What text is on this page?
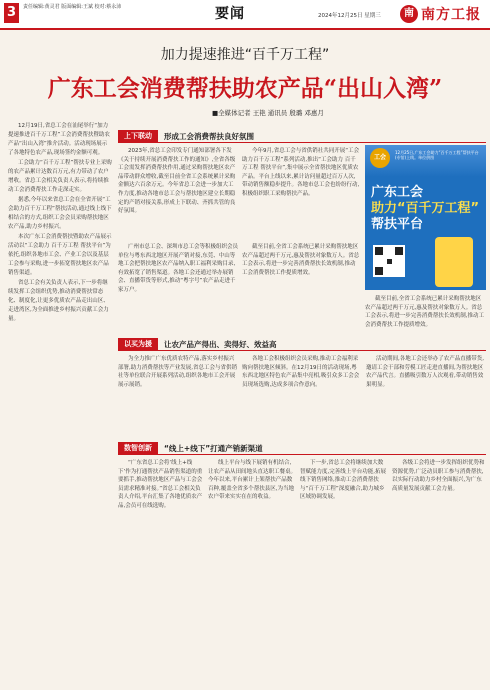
3	责任编辑:黄灵君 版面编辑:王斌 校对:蔡永沛	要闻	2024年12月25日 星期三	南 南方工报
加力提速推进“百千万工程”
广东工会消费帮扶助农产品“出山入湾”
■全媒体记者 王艳 通讯员 殷璐 邓惠月

12月19日,省总工会在汕尾举行“加力提速推进百千万工程”工会消费帮扶暨助农产品“出山入湾”推介活动。活动现场展示了各地特色农产品,现场签约金额可观。

工会助力“百千万工程”帮扶专业上采购的农产品累计达数百万元,有力带动了农户增收。省总工会相关负责人表示,将持续推动工会消费帮扶工作走深走实。

据悉,今年以来省总工会在全省开展“工会助力百千万工程”帮扶活动,通过线上线下相结合的方式,组织工会会员采购帮扶地区农产品,助力乡村振兴。

本次广东工会消费帮扶暨助农产品展示活动以“工会助力 百千万工程 帮扶平台”为依托,组织各地市工会、产业工会以及基层工会参与采购,进一步拓宽帮扶地区农产品销售渠道。

省总工会有关负责人表示,下一步将继续发挥工会组织优势,推动消费帮扶常态化、制度化,让更多优质农产品走出山区、走进湾区,为全面推进乡村振兴贡献工会力量。

上下联动	形成工会消费帮扶良好氛围

2023年,省总工会印发专门通知部署各下发《关于持续开展消费帮扶工作的通知》,全省各级工会需发挥消费帮扶作用,通过采购帮扶地区农产品带动群众增收,截至目前全省工会系统累计采购金额达六百余万元。今年省总工会进一步加大工作力度,推动各地市总工会与帮扶地区建立长期稳定的产销对接关系,形成上下联动、齐抓共管的良好氛围。

今年9月,省总工会与省供销社共同开展“工会助力百千万工程”系列活动,推出“工会助力 百千万工程 帮扶平台”,集中展示全省帮扶地区优质农产品。平台上线以来,累计访问量超过百万人次,带动销售额稳步提升。各地市总工会也纷纷行动,积极组织职工采购帮扶产品。

广州市总工会、深圳市总工会等积极组织会员单位与粤东西北地区开展产销对接,东莞、中山等地工会把帮扶地区农产品纳入职工福利采购目录,有效拓宽了销售渠道。各地工会还通过举办展销会、直播带货等形式,推动“粤字号”农产品走进千家万户。

截至目前,全省工会系统已累计采购帮扶地区农产品超过两千万元,惠及帮扶对象数万人。省总工会表示,将进一步完善消费帮扶长效机制,推动工会消费帮扶工作提质增效。

截至目前,全省工会系统已累计采购帮扶地区农产品超过两千万元,惠及帮扶对象数万人。省总工会表示,将进一步完善消费帮扶长效机制,推动工会消费帮扶工作提质增效。

工会
12月25日,广东工会助力“百千万工程”帮扶平台(专馆)上线。单位供图
广东工会
助力“百千万工程”
帮扶平台
以买为援	让农产品产得出、卖得好、效益高

为全力推广广东优质农特产品,落实乡村振兴部署,助力消费帮扶等产业发展,省总工会与省供销社等单位联合开展系列活动,组织各地市工会开展展示展销。

各地工会积极组织会员采购,推动工会福利采购向帮扶地区倾斜。在12月19日的活动现场,粤东西北地区特色农产品集中亮相,吸引众多工会会员现场选购,达成多项合作意向。

活动期间,各地工会还举办了农产品直播带货,邀请工会干部和劳模工匠走进直播间,为帮扶地区农产品代言。直播吸引数万人次观看,带动销售效果明显。

数智创新	“线上+线下”打通产销新渠道

“广东省总工会将‘线上+线下’作为打通帮扶产品销售渠道的重要抓手,推动帮扶地区产品与工会会员需求精准对接。”省总工会相关负责人介绍,平台汇集了各地优质农产品,会员可在线选购。

线上平台与线下展销有机结合,让农产品从田间地头直达职工餐桌。今年以来,平台累计上架帮扶产品数百种,覆盖全省多个帮扶县区,为当地农户带来实实在在的收益。

下一步,省总工会将继续加大数智赋能力度,完善线上平台功能,拓展线下销售网络,推动工会消费帮扶与“百千万工程”深度融合,助力城乡区域协调发展。

各级工会将进一步发挥组织优势和资源优势,广泛动员职工参与消费帮扶,以实际行动助力乡村全面振兴,为广东高质量发展贡献工会力量。
